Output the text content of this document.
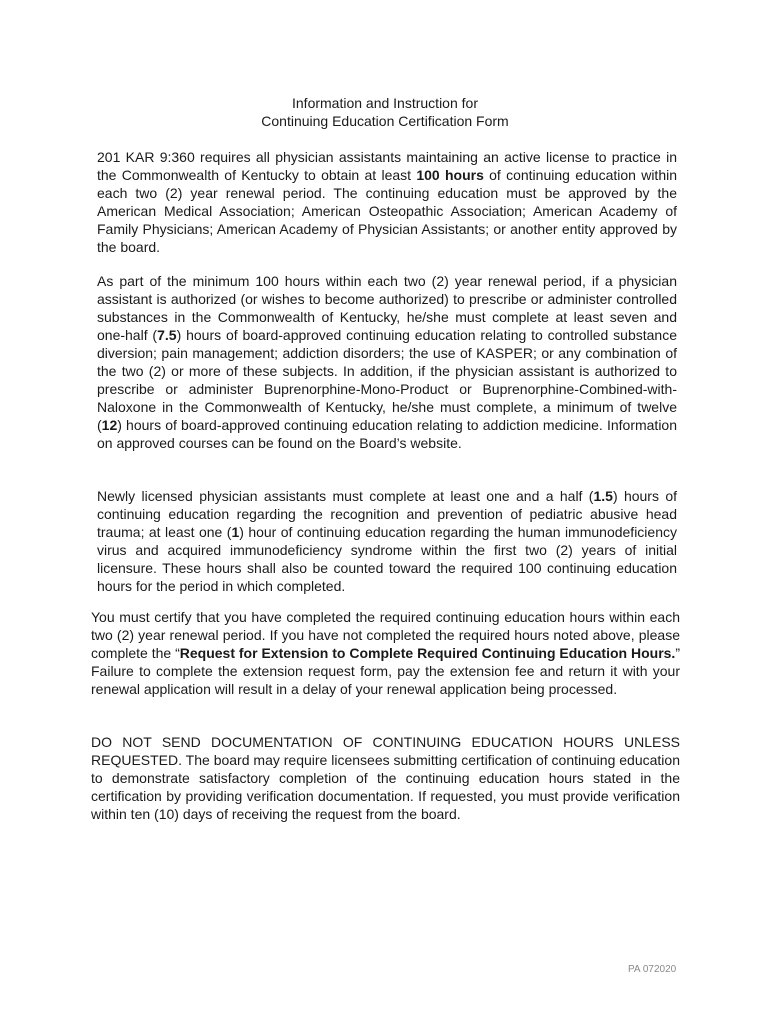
Information and Instruction for
Continuing Education Certification Form

201 KAR 9:360 requires all physician assistants maintaining an active license to practice in the Commonwealth of Kentucky to obtain at least 100 hours of continuing education within each two (2) year renewal period. The continuing education must be approved by the American Medical Association; American Osteopathic Association; American Academy of Family Physicians; American Academy of Physician Assistants; or another entity approved by the board.

As part of the minimum 100 hours within each two (2) year renewal period, if a physician assistant is authorized (or wishes to become authorized) to prescribe or administer controlled substances in the Commonwealth of Kentucky, he/she must complete at least seven and one-half (7.5) hours of board-approved continuing education relating to controlled substance diversion; pain management; addiction disorders; the use of KASPER; or any combination of the two (2) or more of these subjects. In addition, if the physician assistant is authorized to prescribe or administer Buprenorphine-Mono-Product or Buprenorphine-Combined-with-Naloxone in the Commonwealth of Kentucky, he/she must complete, a minimum of twelve (12) hours of board-approved continuing education relating to addiction medicine. Information on approved courses can be found on the Board’s website.

Newly licensed physician assistants must complete at least one and a half (1.5) hours of continuing education regarding the recognition and prevention of pediatric abusive head trauma; at least one (1) hour of continuing education regarding the human immunodeficiency virus and acquired immunodeficiency syndrome within the first two (2) years of initial licensure. These hours shall also be counted toward the required 100 continuing education hours for the period in which completed.

You must certify that you have completed the required continuing education hours within each two (2) year renewal period. If you have not completed the required hours noted above, please complete the “Request for Extension to Complete Required Continuing Education Hours.” Failure to complete the extension request form, pay the extension fee and return it with your renewal application will result in a delay of your renewal application being processed.

DO NOT SEND DOCUMENTATION OF CONTINUING EDUCATION HOURS UNLESS REQUESTED. The board may require licensees submitting certification of continuing education to demonstrate satisfactory completion of the continuing education hours stated in the certification by providing verification documentation. If requested, you must provide verification within ten (10) days of receiving the request from the board.

PA 072020
